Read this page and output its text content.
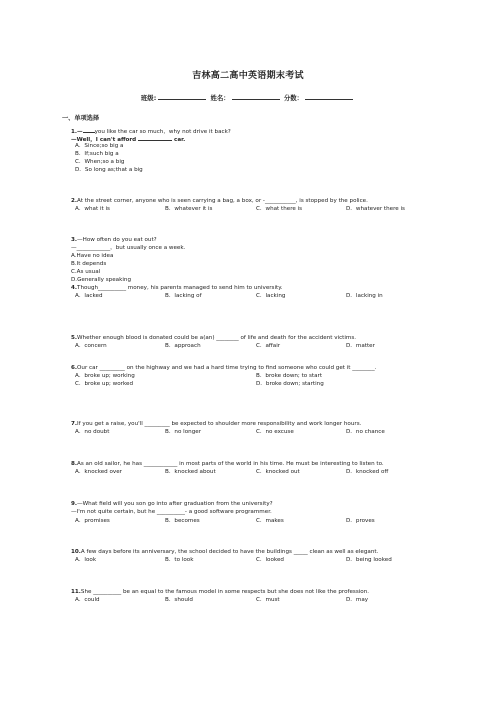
吉林高二高中英语期末考试
班级:	姓名：	分数：
一、单项选择
1.— you like the car so much，why not drive it back?
—Well，I can't afford	car.
A．Since;so big a
B．If;such big a
C．When;so a big
D．So long as;that a big
2.At the street corner, anyone who is seen carrying a bag, a box, or -___________, is stopped by the police.
A．what it is	B．whatever it is	C．what there is	D．whatever there is
3.—How often do you eat out?
—____________，but usually once a week.
A.Have no idea
B.It depends
C.As usual
D.Generally speaking
4.Though__________ money, his parents managed to send him to university.
A．lacked	B．lacking of	C．lacking	D．lacking in
5.Whether enough blood is donated could be a(an) ________ of life and death for the accident victims.
A．concern	B．approach	C．affair	D．matter
6.Our car _________ on the highway and we had a hard time trying to find someone who could get it ________.
A．broke up; working	B．broke down; to start
C．broke up; worked	D．broke down; starting
7.If you get a raise, you'll _________ be expected to shoulder more responsibility and work longer hours.
A．no doubt	B．no longer	C．no excuse	D．no chance
8.As an old sailor, he has ____________ in most parts of the world in his time. He must be interesting to listen to.
A．knocked over	B．knocked about	C．knocked out	D．knocked off
9.—What field will you son go into after graduation from the university?
—I'm not quite certain, but he __________- a good software programmer.
A．promises	B．becomes	C．makes	D．proves
10.A few days before its anniversary, the school decided to have the buildings _____ clean as well as elegant.
A．look	B．to look	C．looked	D．being looked
11.She __________ be an equal to the famous model in some respects but she does not like the profession.
A．could	B．should	C．must	D．may
